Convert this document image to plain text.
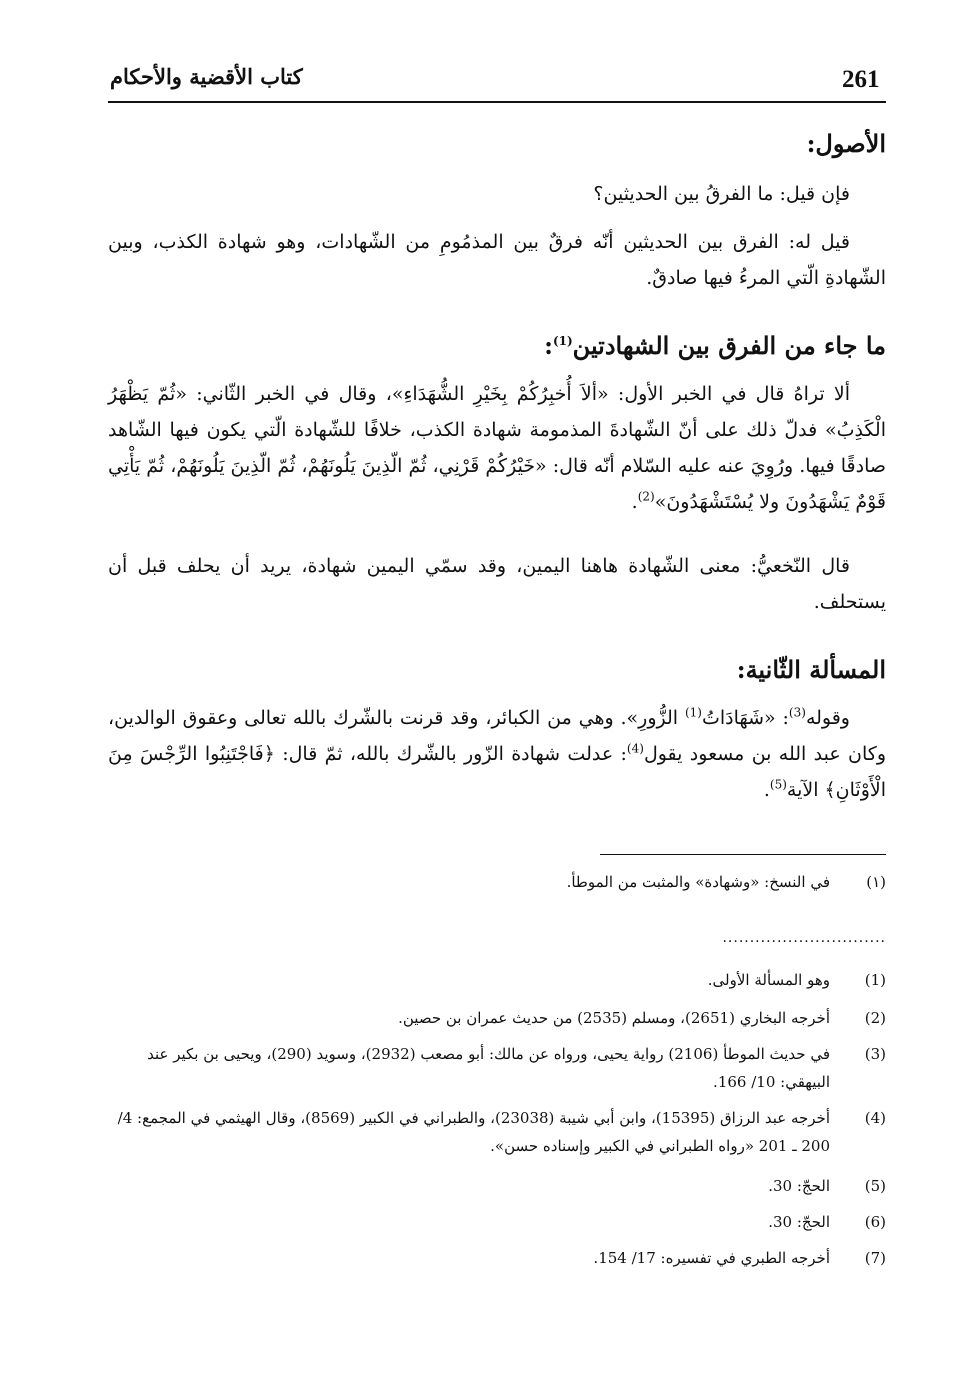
261
كتاب الأقضية والأحكام
الأصول:

فإن قيل: ما الفرقُ بين الحديثين؟

قيل له: الفرق بين الحديثين أنّه فرقٌ بين المذمُومِ من الشّهادات، وهو شهادة الكذب، وبين الشّهادةِ الّتي المرءُ فيها صادقٌ.

ما جاء من الفرق بين الشهادتين$^{(1)}$:

ألا تراهُ قال في الخبر الأول: «ألاَ أُخبِرُكُمْ بِخَيْرِ الشُّهَدَاءِ»، وقال في الخبر الثّاني: «ثُمّ يَظْهَرُ الْكَذِبُ» فدلّ ذلك على أنّ الشّهادةَ المذمومة شهادة الكذب، خلافًا للشّهادة الّتي يكون فيها الشّاهد صادقًا فيها. ورُوِيَ عنه عليه السّلام أنّه قال: «خَيْرُكُمْ قَرْنِي، ثُمّ الّذِينَ يَلُونَهُمْ، ثُمّ الّذِينَ يَلُونَهُمْ، ثُمّ يَأْتِي قَوْمٌ يَشْهَدُونَ ولا يُسْتَشْهَدُونَ»$^{(2)}$.

قال النّخعيُّ: معنى الشّهادة هاهنا اليمين، وقد سمّي اليمين شهادة، يريد أن يحلف قبل أن يستحلف.

المسألة الثّانية:

وقوله$^{(3)}$: «شَهَادَاتُ$^{(1)}$ الزُّورِ». وهي من الكبائر، وقد قرنت بالشّرك بالله تعالى وعقوق الوالدين، وكان عبد الله بن مسعود يقول$^{(4)}$: عدلت شهادة الزّور بالشّرك بالله، ثمّ قال: ﴿فَاجْتَنِبُوا الرِّجْسَ مِنَ الْأَوْثَانِ﴾ الآية$^{(5)}$.

(١)
في النسخ: «وشهادة» والمثبت من الموطأ.
..............................
(1)
وهو المسألة الأولى.
(2)
أخرجه البخاري (2651)، ومسلم (2535) من حديث عمران بن حصين.
(3)
في حديث الموطأ (2106) رواية يحيى، ورواه عن مالك: أبو مصعب (2932)، وسويد (290)، ويحيى بن بكير عند البيهقي: 10/ 166.
(4)
أخرجه عبد الرزاق (15395)، وابن أبي شيبة (23038)، والطبراني في الكبير (8569)، وقال الهيثمي في المجمع: 4/ 200 ـ 201 «رواه الطبراني في الكبير وإسناده حسن».
(5)
الحجّ: 30.
(6)
الحجّ: 30.
(7)
أخرجه الطبري في تفسيره: 17/ 154.
